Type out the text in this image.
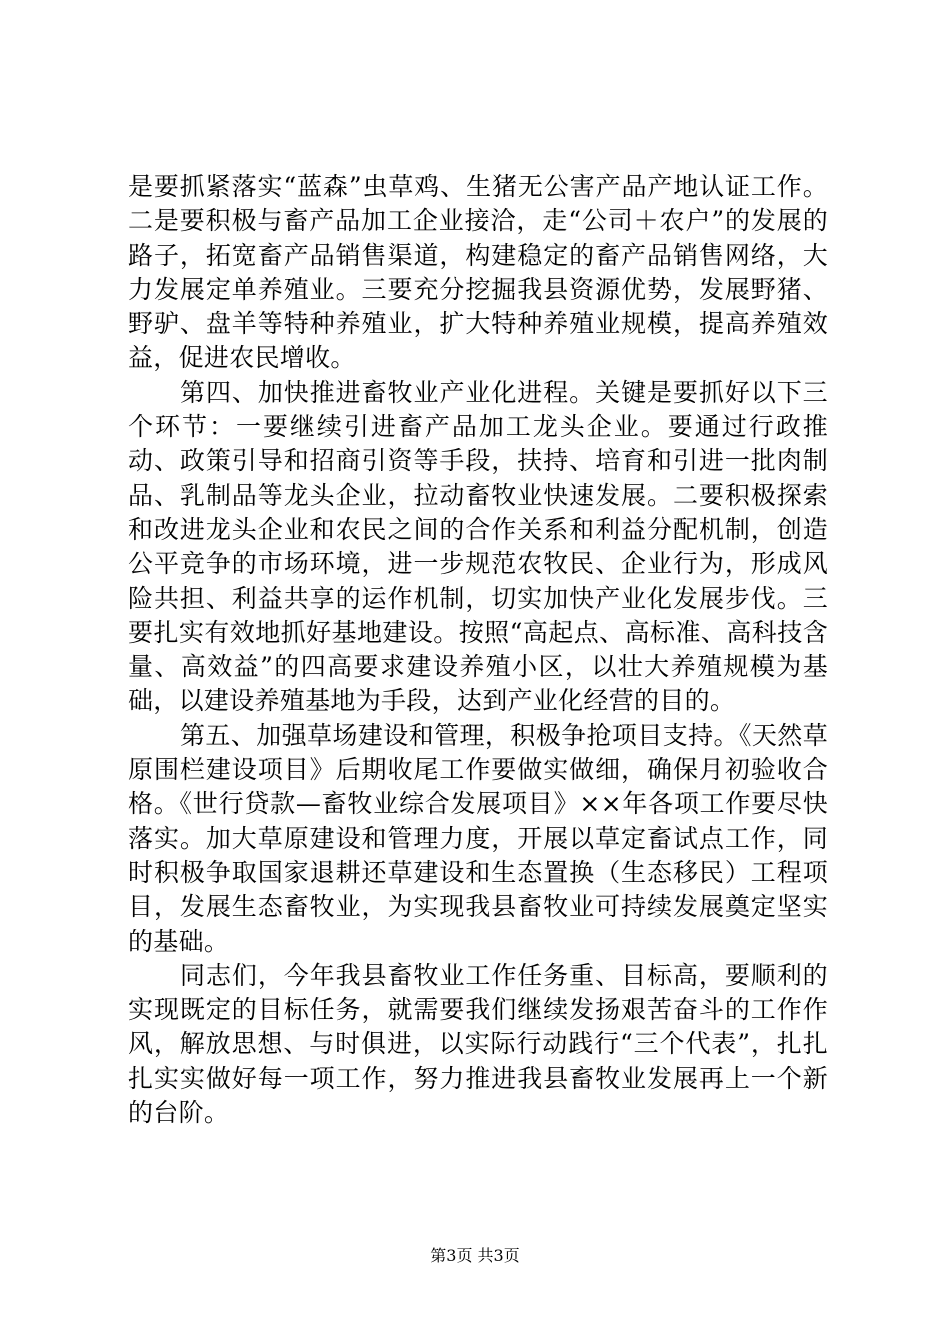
是要抓紧落实“蓝森”虫草鸡、生猪无公害产品产地认证工作。二是要积极与畜产品加工企业接洽，走“公司＋农户”的发展的路子，拓宽畜产品销售渠道，构建稳定的畜产品销售网络，大力发展定单养殖业。三要充分挖掘我县资源优势，发展野猪、野驴、盘羊等特种养殖业，扩大特种养殖业规模，提高养殖效益，促进农民增收。

第四、加快推进畜牧业产业化进程。关键是要抓好以下三个环节：一要继续引进畜产品加工龙头企业。要通过行政推动、政策引导和招商引资等手段，扶持、培育和引进一批肉制品、乳制品等龙头企业，拉动畜牧业快速发展。二要积极探索和改进龙头企业和农民之间的合作关系和利益分配机制，创造公平竞争的市场环境，进一步规范农牧民、企业行为，形成风险共担、利益共享的运作机制，切实加快产业化发展步伐。三要扎实有效地抓好基地建设。按照“高起点、高标准、高科技含量、高效益”的四高要求建设养殖小区，以壮大养殖规模为基础，以建设养殖基地为手段，达到产业化经营的目的。

第五、加强草场建设和管理，积极争抢项目支持。《天然草原围栏建设项目》后期收尾工作要做实做细，确保月初验收合格。《世行贷款—畜牧业综合发展项目》××年各项工作要尽快落实。加大草原建设和管理力度，开展以草定畜试点工作，同时积极争取国家退耕还草建设和生态置换（生态移民）工程项目，发展生态畜牧业，为实现我县畜牧业可持续发展奠定坚实的基础。

同志们，今年我县畜牧业工作任务重、目标高，要顺利的实现既定的目标任务，就需要我们继续发扬艰苦奋斗的工作作风，解放思想、与时俱进，以实际行动践行“三个代表”，扎扎扎实实做好每一项工作，努力推进我县畜牧业发展再上一个新的台阶。

第3页 共3页
